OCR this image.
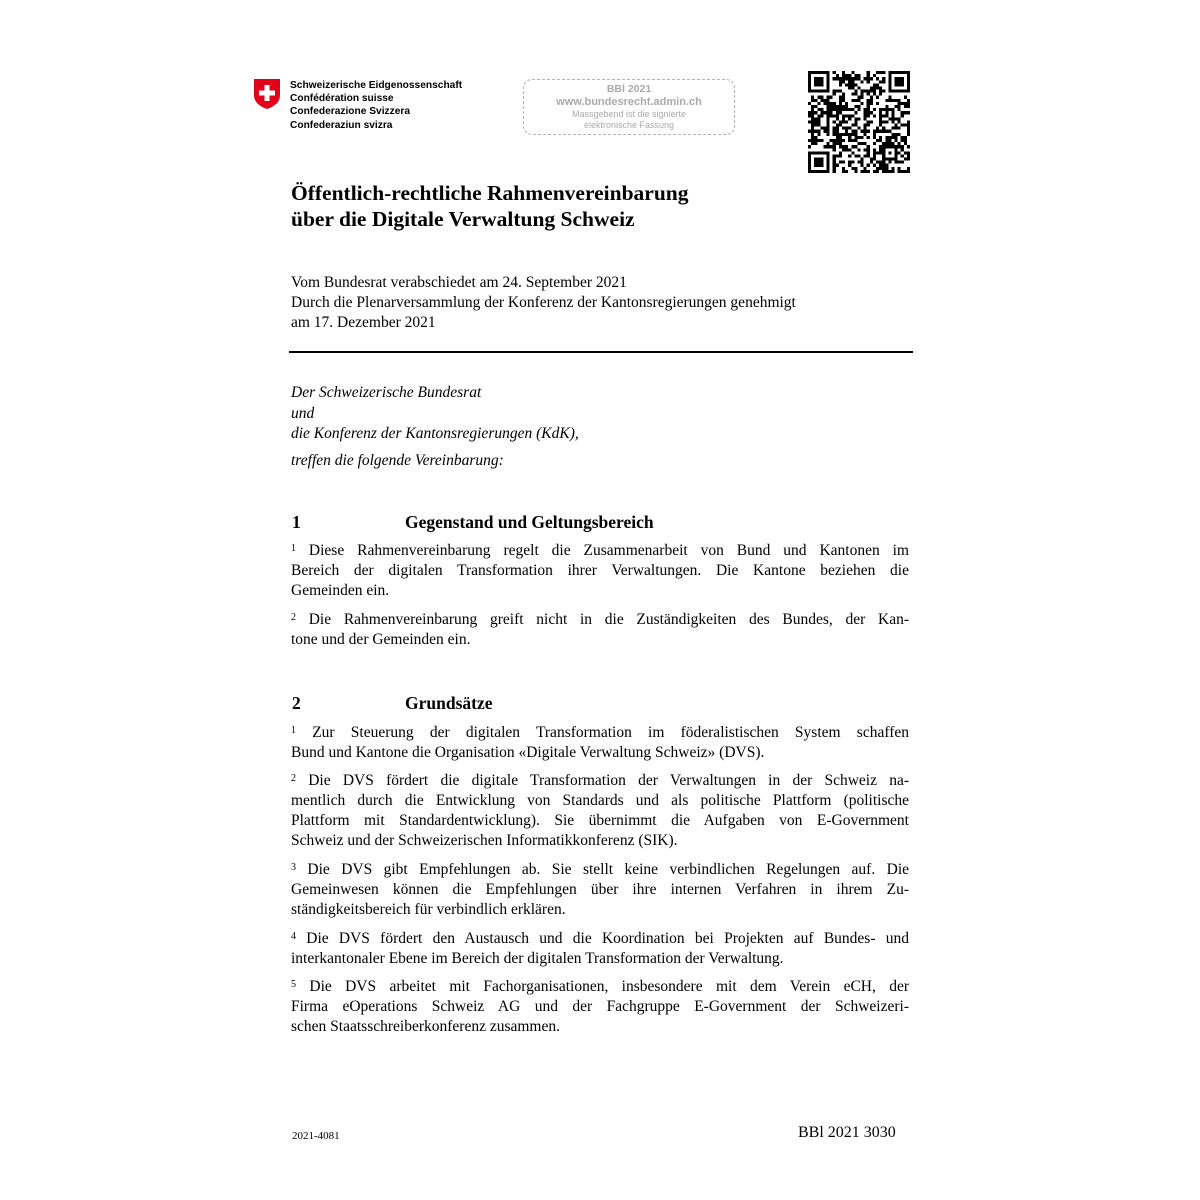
Schweizerische Eidgenossenschaft
Confédération suisse
Confederazione Svizzera
Confederaziun svizra
BBl 2021
www.bundesrecht.admin.ch
Massgebend ist die signierte
elektronische Fassung
Öffentlich-rechtliche Rahmenvereinbarung
über die Digitale Verwaltung Schweiz
Vom Bundesrat verabschiedet am 24. September 2021
Durch die Plenarversammlung der Konferenz der Kantonsregierungen genehmigt
am 17. Dezember 2021
Der Schweizerische Bundesrat
und
die Konferenz der Kantonsregierungen (KdK),
treffen die folgende Vereinbarung:
1	Gegenstand und Geltungsbereich
$^1$ Diese Rahmenvereinbarung regelt die Zusammenarbeit von Bund und Kantonen im
Bereich der digitalen Transformation ihrer Verwaltungen. Die Kantone beziehen die
Gemeinden ein.
$^2$ Die Rahmenvereinbarung greift nicht in die Zuständigkeiten des Bundes, der Kan-
tone und der Gemeinden ein.
2	Grundsätze
$^1$ Zur Steuerung der digitalen Transformation im föderalistischen System schaffen
Bund und Kantone die Organisation «Digitale Verwaltung Schweiz» (DVS).
$^2$ Die DVS fördert die digitale Transformation der Verwaltungen in der Schweiz na-
mentlich durch die Entwicklung von Standards und als politische Plattform (politische
Plattform mit Standardentwicklung). Sie übernimmt die Aufgaben von E-Government
Schweiz und der Schweizerischen Informatikkonferenz (SIK).
$^3$ Die DVS gibt Empfehlungen ab. Sie stellt keine verbindlichen Regelungen auf. Die
Gemeinwesen können die Empfehlungen über ihre internen Verfahren in ihrem Zu-
ständigkeitsbereich für verbindlich erklären.
$^4$ Die DVS fördert den Austausch und die Koordination bei Projekten auf Bundes- und
interkantonaler Ebene im Bereich der digitalen Transformation der Verwaltung.
$^5$ Die DVS arbeitet mit Fachorganisationen, insbesondere mit dem Verein eCH, der
Firma eOperations Schweiz AG und der Fachgruppe E-Government der Schweizeri-
schen Staatsschreiberkonferenz zusammen.
2021-4081	BBl 2021 3030
